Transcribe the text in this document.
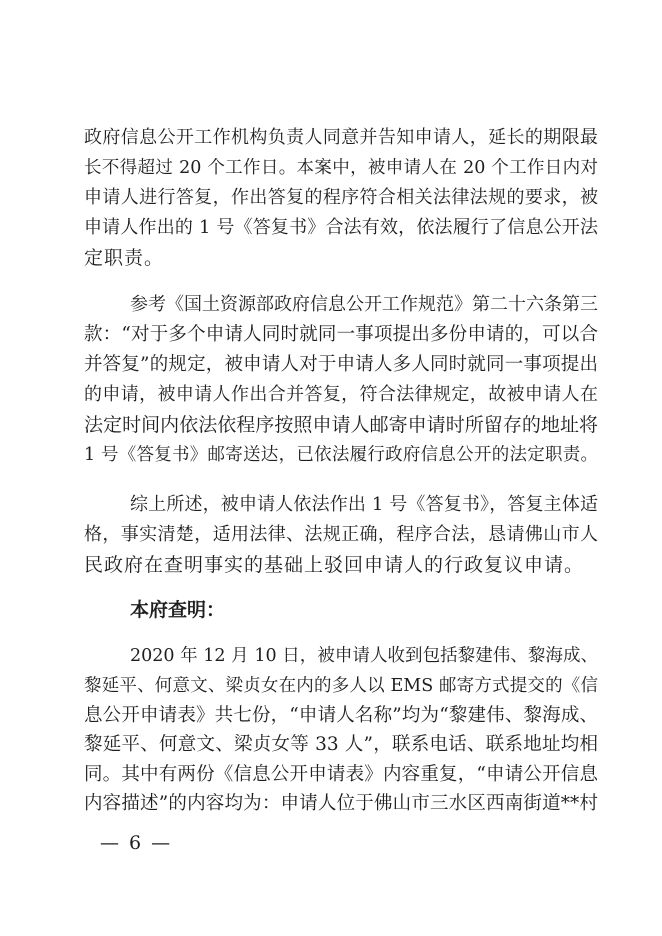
政府信息公开工作机构负责人同意并告知申请人，延长的期限最
长不得超过 20 个工作日。本案中，被申请人在 20 个工作日内对
申请人进行答复，作出答复的程序符合相关法律法规的要求，被
申请人作出的 1 号《答复书》合法有效，依法履行了信息公开法
定职责。
参考《国土资源部政府信息公开工作规范》第二十六条第三
款：“对于多个申请人同时就同一事项提出多份申请的，可以合
并答复”的规定，被申请人对于申请人多人同时就同一事项提出
的申请，被申请人作出合并答复，符合法律规定，故被申请人在
法定时间内依法依程序按照申请人邮寄申请时所留存的地址将
1 号《答复书》邮寄送达，已依法履行政府信息公开的法定职责。
综上所述，被申请人依法作出 1 号《答复书》，答复主体适
格，事实清楚，适用法律、法规正确，程序合法，恳请佛山市人
民政府在查明事实的基础上驳回申请人的行政复议申请。
本府查明：
2020 年 12 月 10 日，被申请人收到包括黎建伟、黎海成、
黎延平、何意文、梁贞女在内的多人以 EMS 邮寄方式提交的《信
息公开申请表》共七份，“申请人名称”均为“黎建伟、黎海成、
黎延平、何意文、梁贞女等 33 人”，联系电话、联系地址均相
同。其中有两份《信息公开申请表》内容重复，“申请公开信息
内容描述”的内容均为：申请人位于佛山市三水区西南街道**村
— 6 —
